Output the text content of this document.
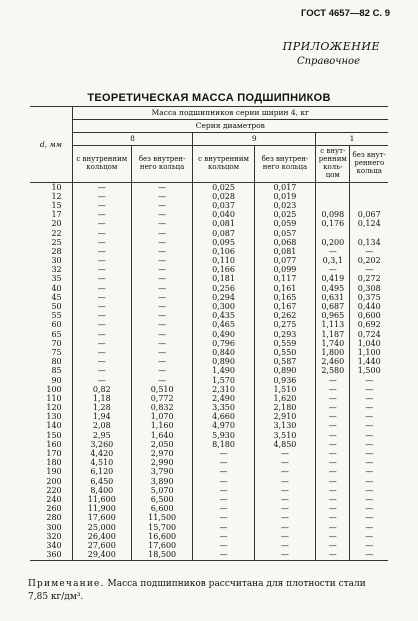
ГОСТ 4657—82 С. 9
ПРИЛОЖЕНИЕ
Справочное
ТЕОРЕТИЧЕСКАЯ МАССА ПОДШИПНИКОВ
d, мм	Масса подшипников серии ширин 4, кг					
	Серия диаметров					
	8		9		1	
	с внутренним кольцом	без внутрен-него кольца	с внутренним кольцом	без внутрен-него кольца	с внут-ренним коль-цом	без внут-реннего кольца
10	—	—	0,025	0,017		
12	—	—	0,028	0,019		
15	—	—	0,037	0,023		
17	—	—	0,040	0,025	0,098	0,067
20	—	—	0,081	0,059	0,176	0,124
22	—	—	0,087	0,057		
25	—	—	0,095	0,068	0,200	0,134
28	—	—	0,106	0,081	—	—
30	—	—	0,110	0,077	0,3,1	0,202
32	—	—	0,166	0,099	—	—
35	—	—	0,181	0,117	0,419	0,272
40	—	—	0,256	0,161	0,495	0,308
45	—	—	0,294	0,165	0,631	0,375
50	—	—	0,300	0,167	0,687	0,440
55	—	—	0,435	0,262	0,965	0,600
60	—	—	0,465	0,275	1,113	0,692
65	—	—	0,490	0,293	1,187	0,724
70	—	—	0,796	0,559	1,740	1,040
75	—	—	0,840	0,550	1,800	1,100
80	—	—	0,890	0,587	2,460	1,440
85	—	—	1,490	0,890	2,580	1,500
90	—	—	1,570	0,936	—	—
100	0,82	0,510	2,310	1,510	—	—
110	1,18	0,772	2,490	1,620	—	—
120	1,28	0,832	3,350	2,180	—	—
130	1,94	1,070	4,660	2,910	—	—
140	2,08	1,160	4,970	3,130	—	—
150	2,95	1,640	5,930	3,510	—	—
160	3,260	2,050	8,180	4,850	—	—
170	4,420	2,970	—	—	—	—
180	4,510	2,990	—	—	—	—
190	6,120	3,790	—	—	—	—
200	6,450	3,890	—	—	—	—
220	8,400	5,070	—	—	—	—
240	11,600	6,500	—	—	—	—
260	11,900	6,600	—	—	—	—
280	17,600	11,500	—	—	—	—
300	25,000	15,700	—	—	—	—
320	26,400	16,600	—	—	—	—
340	27,600	17,600	—	—	—	—
360	29,400	18,500	—	—	—	—
Примечание. Масса подшипников рассчитана для плотности стали 7,85 кг/дм³.
